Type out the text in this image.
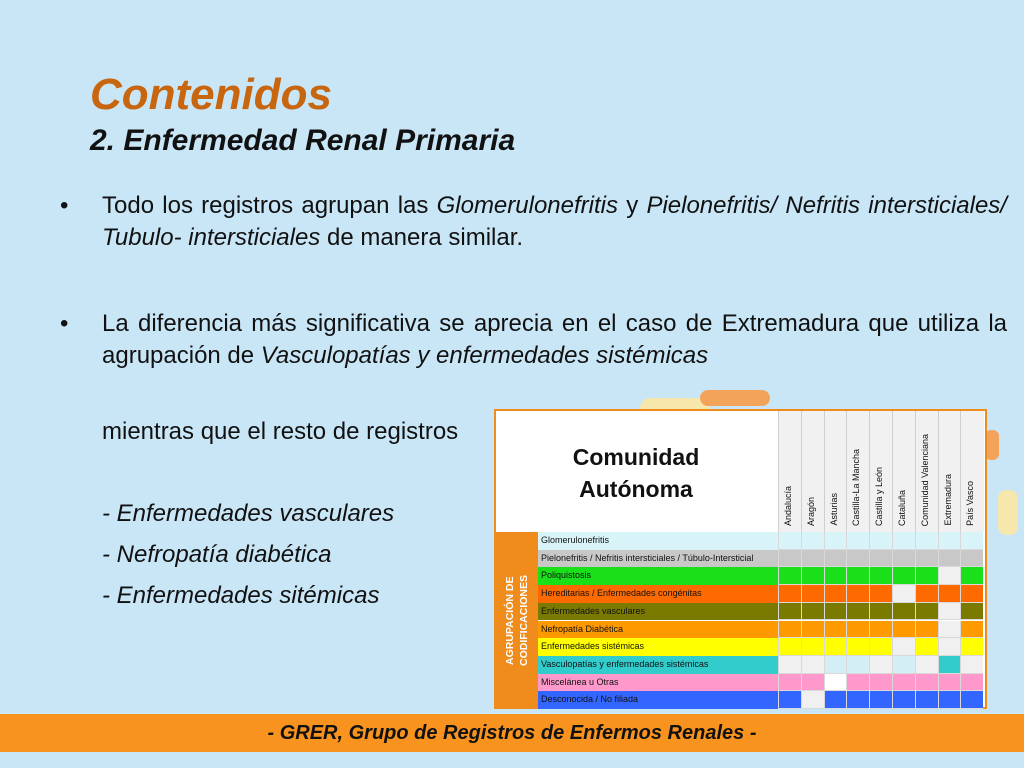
Contenidos
2. Enfermedad Renal Primaria
• Todo los registros agrupan las Glomerulonefritis y Pielonefritis/ Nefritis intersticiales/ Tubulo- intersticiales de manera similar.
• La diferencia más significativa se aprecia en el caso de Extremadura que utiliza la agrupación de Vasculopatías y enfermedades sistémicas
mientras que el resto de registros
- Enfermedades vasculares
- Nefropatía diabética
- Enfermedades sitémicas
Comunidad Autónoma	Andalucía Aragón Asturias Castilla-La Mancha Castilla y León Cataluña Comunidad Valenciana Extremadura País Vasco
AGRUPACIÓN DE CODIFICACIONES
Glomerulonefritis
Pielonefritis / Nefritis intersticiales / Túbulo-Intersticial
Poliquistosis
Hereditarias / Enfermedades congénitas
Enfermedades vasculares
Nefropatía Diabética
Enfermedades sistémicas
Vasculopatías y enfermedades sistémicas
Miscelánea u Otras
Desconocida / No filiada
- GRER, Grupo de Registros de Enfermos Renales -
